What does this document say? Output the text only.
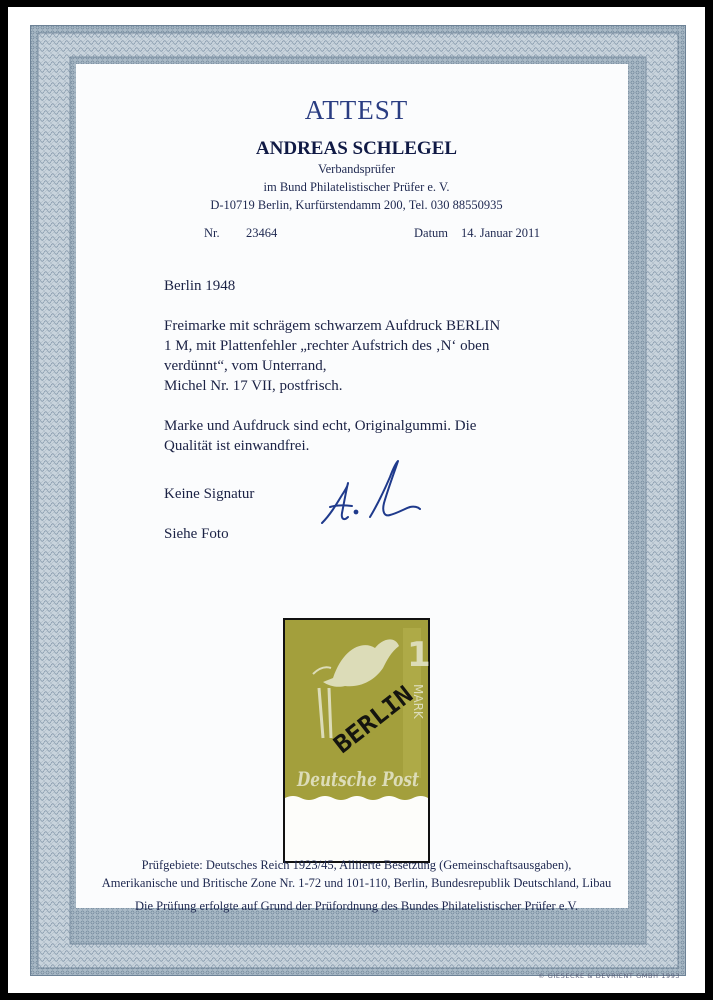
ATTEST
ANDREAS SCHLEGEL
Verbandsprüfer
im Bund Philatelistischer Prüfer e. V.
D-10719 Berlin, Kurfürstendamm 200, Tel. 030 88550935
Nr. 23464	Datum 14. Januar 2011

Berlin 1948

Freimarke mit schrägem schwarzem Aufdruck BERLIN

1 M, mit Plattenfehler „rechter Aufstrich des ‚N‘ oben

verdünnt“, vom Unterrand,

Michel Nr. 17 VII, postfrisch.

Marke und Aufdruck sind echt, Originalgummi. Die

Qualität ist einwandfrei.

Keine Signatur
Siehe Foto
1
MARK
Deutsche Post
BERLIN
Prüfgebiete: Deutsches Reich 1923/45, Alliierte Besetzung (Gemeinschaftsausgaben),
Amerikanische und Britische Zone Nr. 1-72 und 101-110, Berlin, Bundesrepublik Deutschland, Libau
Die Prüfung erfolgte auf Grund der Prüfordnung des Bundes Philatelistischer Prüfer e.V.
© GIESECKE & DEVRIENT GMBH 1993
